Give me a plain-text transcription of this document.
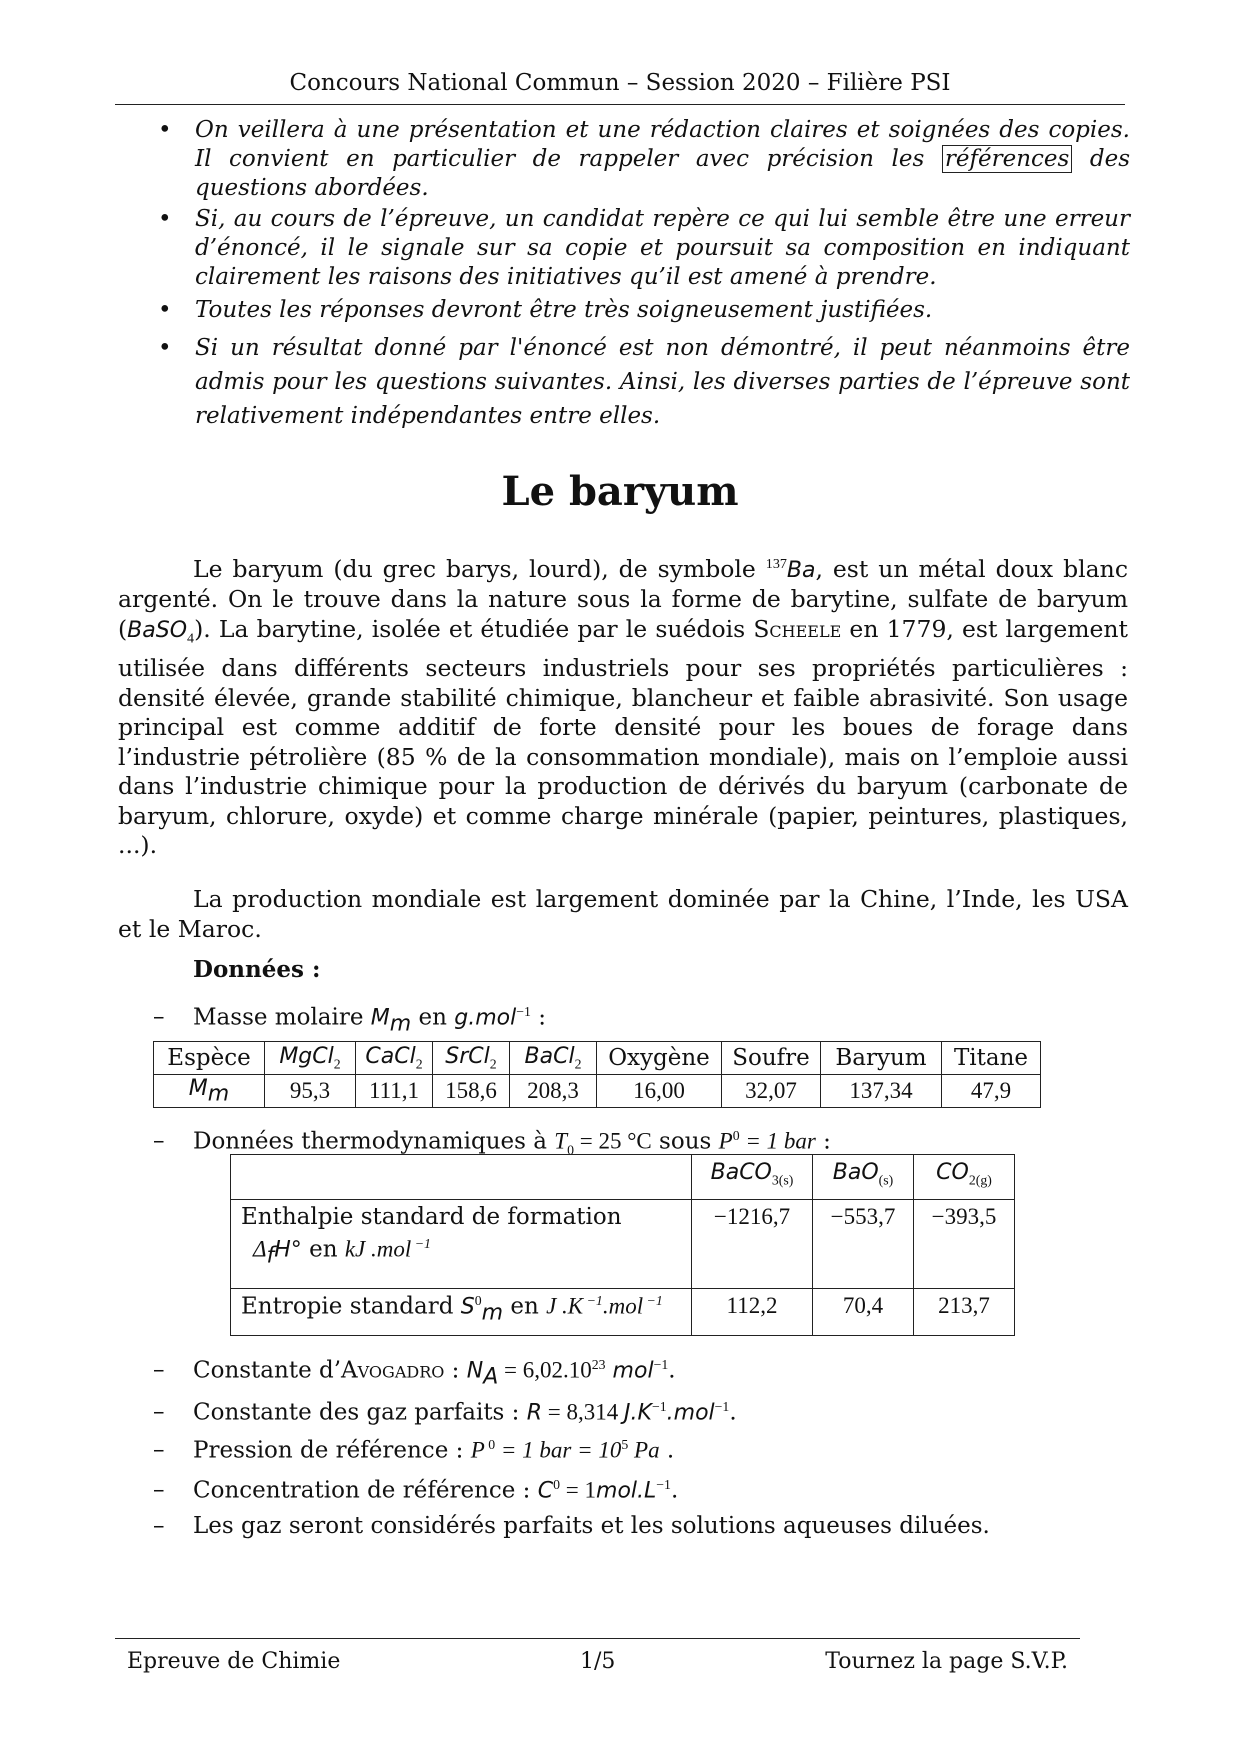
Concours National Commun – Session 2020 – Filière PSI
• On veillera à une présentation et une rédaction claires et soignées des copies. Il convient en particulier de rappeler avec précision les références des questions abordées.
• Si, au cours de l’épreuve, un candidat repère ce qui lui semble être une erreur d’énoncé, il le signale sur sa copie et poursuit sa composition en indiquant clairement les raisons des initiatives qu’il est amené à prendre.
• Toutes les réponses devront être très soigneusement justifiées.
• Si un résultat donné par l'énoncé est non démontré, il peut néanmoins être admis pour les questions suivantes. Ainsi, les diverses parties de l’épreuve sont relativement indépendantes entre elles.
Le baryum

Le baryum (du grec barys, lourd), de symbole $^{137}$Ba, est un métal doux blanc argenté. On le trouve dans la nature sous la forme de barytine, sulfate de baryum (BaSO$_4$). La barytine, isolée et étudiée par le suédois Scheele en 1779, est largement utilisée dans différents secteurs industriels pour ses propriétés particulières : densité élevée, grande stabilité chimique, blancheur et faible abrasivité. Son usage principal est comme additif de forte densité pour les boues de forage dans l’industrie pétrolière (85 % de la consommation mondiale), mais on l’emploie aussi dans l’industrie chimique pour la production de dérivés du baryum (carbonate de baryum, chlorure, oxyde) et comme charge minérale (papier, peintures, plastiques, ...).

La production mondiale est largement dominée par la Chine, l’Inde, les USA et le Maroc.

Données :
– Masse molaire $M_m$ en g.mol$^{-1}$ :
Espèce	MgCl$_2$	CaCl$_2$	SrCl$_2$	BaCl$_2$	Oxygène	Soufre	Baryum	Titane
$M_m$	95,3	111,1	158,6	208,3	16,00	32,07	137,34	47,9
– Données thermodynamiques à $T_0 = 25$ °C sous $P^0 = 1$ bar :
	BaCO$_{3(s)}$	BaO$_{(s)}$	$CO_{2(g)}$

Enthalpie standard de formation
$\Delta_fH^\circ$ en kJ .mol $^{-1}$	−1216,7	−553,7	−393,5
Entropie standard $S^0_m$ en J .K $^{-1}$.mol $^{-1}$	112,2	70,4	213,7
– Constante d’Avogadro : $N_A = 6,02.10^{23}$ mol$^{-1}$.
– Constante des gaz parfaits : R = 8,314 $J.K^{-1}.mol^{-1}$.
– Pression de référence : P $^0$ = 1 bar = $10^5$ Pa .
– Concentration de référence : $C^0 = 1mol.L^{-1}$.
– Les gaz seront considérés parfaits et les solutions aqueuses diluées.
Epreuve de Chimie	1/5	Tournez la page S.V.P.
